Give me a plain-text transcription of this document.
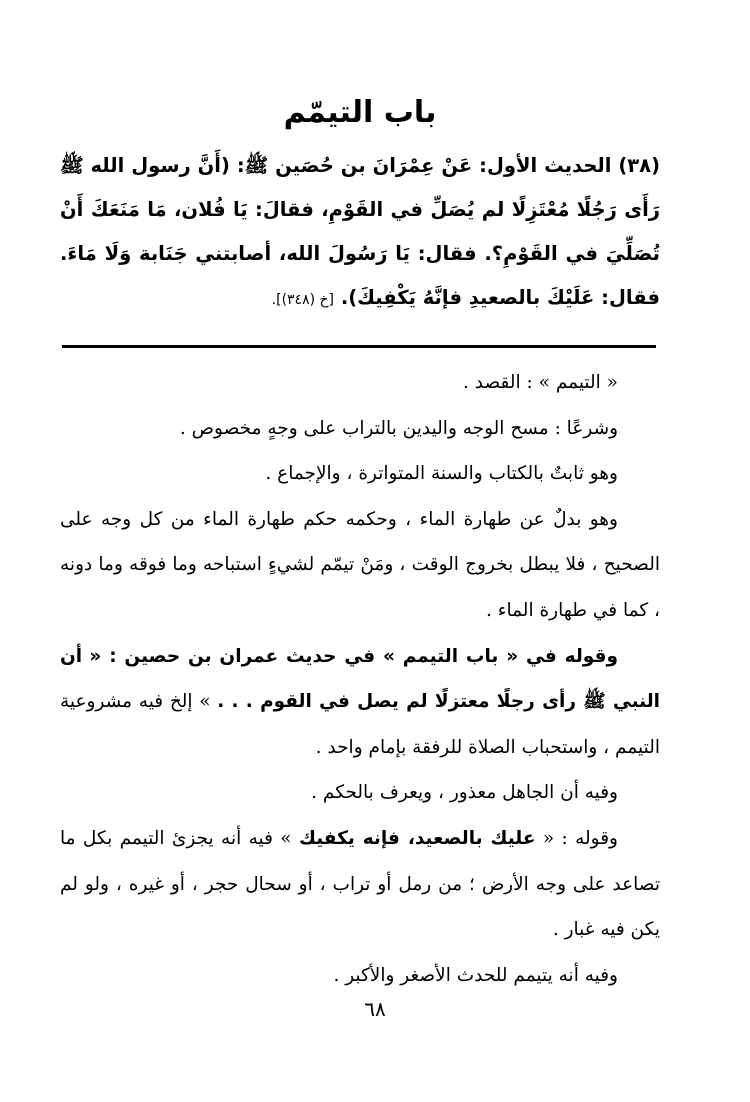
باب التيمّم

(٣٨) الحديث الأول: عَنْ عِمْرَانَ بن حُصَين ﷺ: (أَنَّ رسول الله ﷺ رَأَى رَجُلًا مُعْتَزِلًا لم يُصَلِّ في القَوْمِ، فقالَ: يَا فُلان، مَا مَنَعَكَ أَنْ تُصَلِّيَ في القَوْمِ؟. فقال: يَا رَسُولَ الله، أصابتني جَنَابة وَلَا مَاءَ. فقال: عَلَيْكَ بالصعيدِ فإنَّهُ يَكْفِيكَ). [خ (٣٤٨)].

« التيمم » : القصد .

وشرعًا : مسح الوجه واليدين بالتراب على وجهٍ مخصوص .

وهو ثابتٌ بالكتاب والسنة المتواترة ، والإجماع .

وهو بدلٌ عن طهارة الماء ، وحكمه حكم طهارة الماء من كل وجه على الصحيح ، فلا يبطل بخروج الوقت ، ومَنْ تيمّم لشيءٍ استباحه وما فوقه وما دونه ، كما في طهارة الماء .

وقوله في « باب التيمم » في حديث عمران بن حصين : « أن النبي ﷺ رأى رجلًا معتزلًا لم يصل في القوم . . . » إلخ فيه مشروعية التيمم ، واستحباب الصلاة للرفقة بإمام واحد .

وفيه أن الجاهل معذور ، ويعرف بالحكم .

وقوله : « عليك بالصعيد، فإنه يكفيك » فيه أنه يجزئ التيمم بكل ما تصاعد على وجه الأرض ؛ من رمل أو تراب ، أو سحال حجر ، أو غيره ، ولو لم يكن فيه غبار .

وفيه أنه يتيمم للحدث الأصغر والأكبر .

٦٨
